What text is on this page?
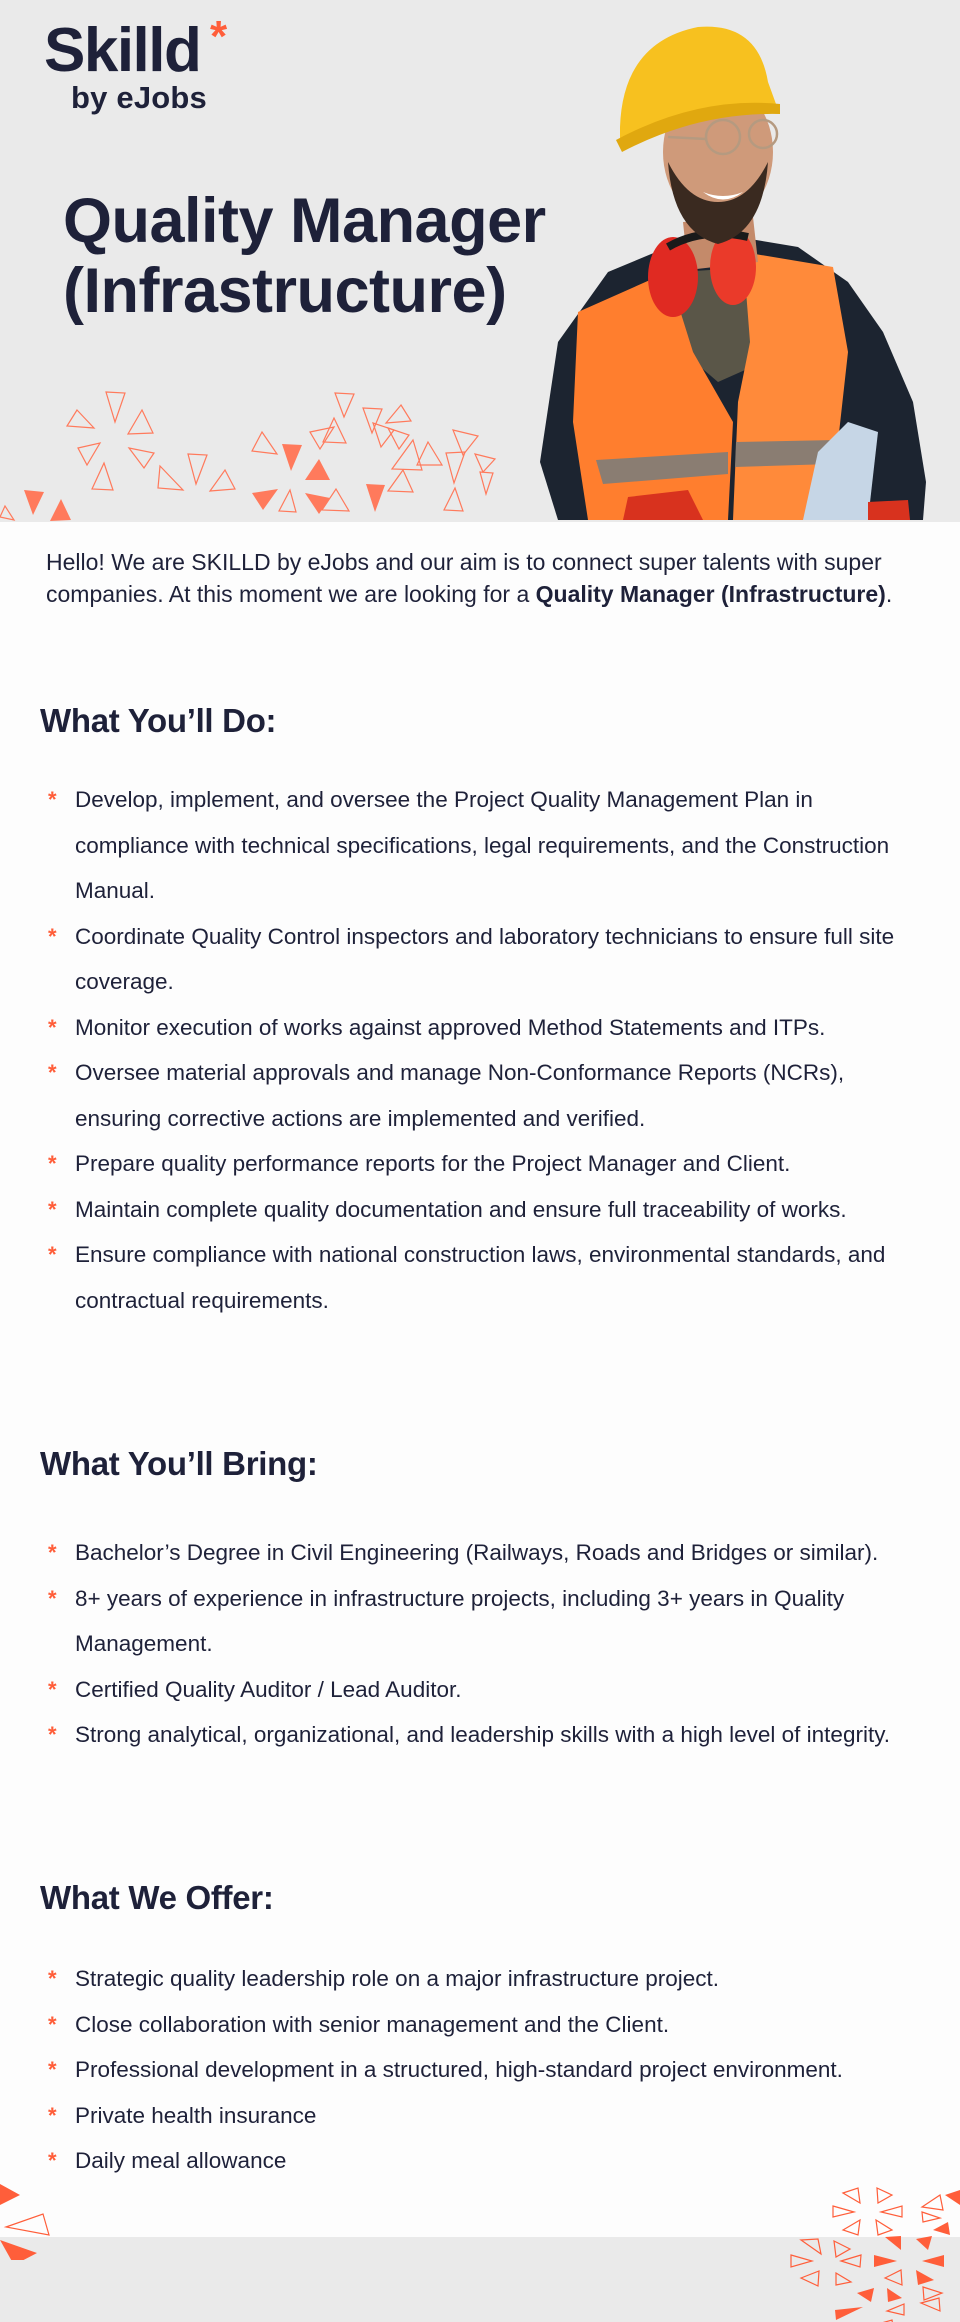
Skilld *
by eJobs
Quality Manager
(Infrastructure)

Hello! We are SKILLD by eJobs and our aim is to connect super talents with super companies. At this moment we are looking for a Quality Manager (Infrastructure).

What You’ll Do:
* Develop, implement, and oversee the Project Quality Management Plan in compliance with technical specifications, legal requirements, and the Construction Manual.
* Coordinate Quality Control inspectors and laboratory technicians to ensure full site coverage.
* Monitor execution of works against approved Method Statements and ITPs.
* Oversee material approvals and manage Non-Conformance Reports (NCRs), ensuring corrective actions are implemented and verified.
* Prepare quality performance reports for the Project Manager and Client.
* Maintain complete quality documentation and ensure full traceability of works.
* Ensure compliance with national construction laws, environmental standards, and contractual requirements.
What You’ll Bring:
* Bachelor’s Degree in Civil Engineering (Railways, Roads and Bridges or similar).
* 8+ years of experience in infrastructure projects, including 3+ years in Quality Management.
* Certified Quality Auditor / Lead Auditor.
* Strong analytical, organizational, and leadership skills with a high level of integrity.
What We Offer:
* Strategic quality leadership role on a major infrastructure project.
* Close collaboration with senior management and the Client.
* Professional development in a structured, high-standard project environment.
* Private health insurance
* Daily meal allowance
